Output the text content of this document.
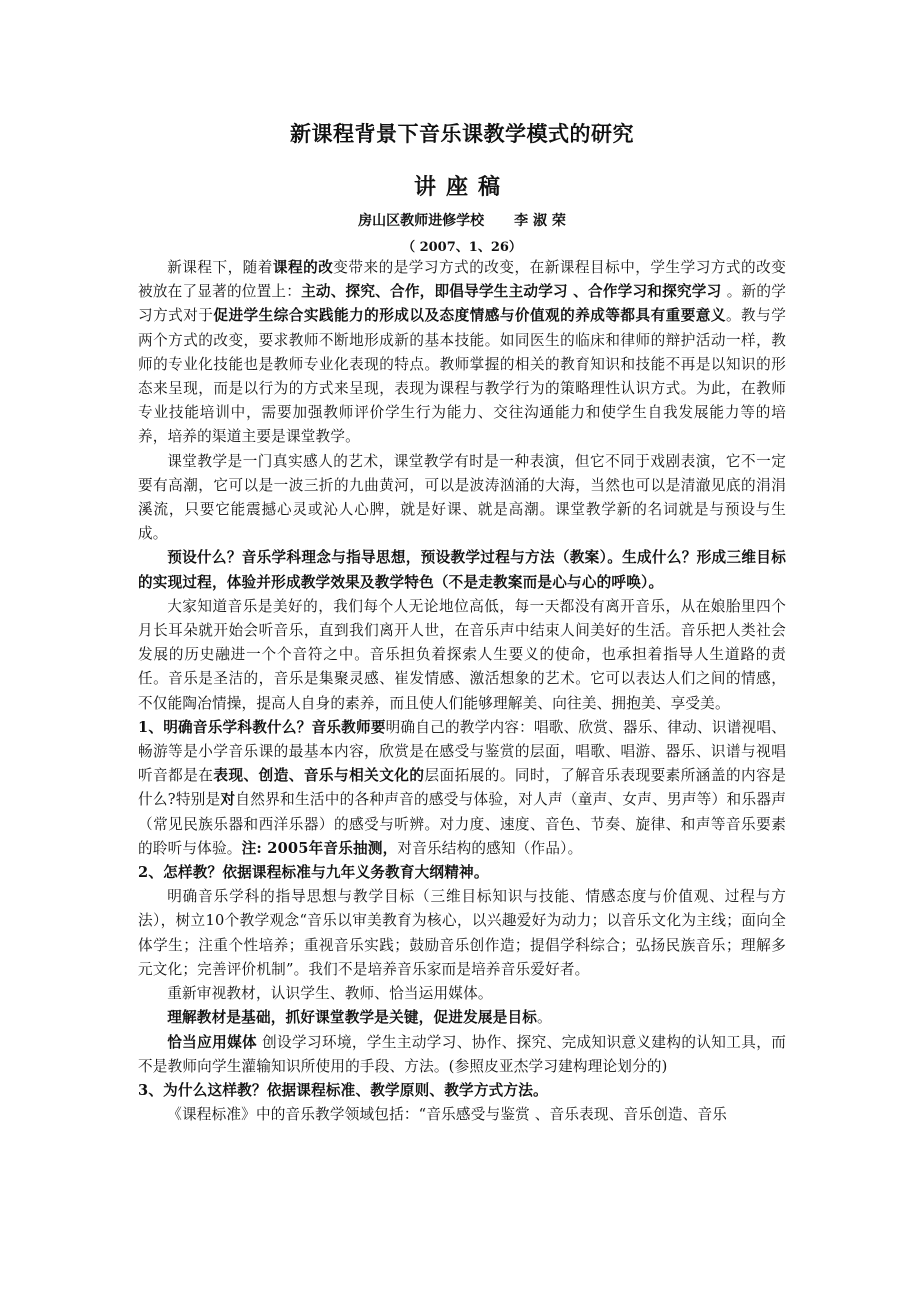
新课程背景下音乐课教学模式的研究
讲座稿
房山区教师进修学校 李 淑 荣
（ 2007、1、26）

新课程下，随着课程的改变带来的是学习方式的改变，在新课程目标中，学生学习方式的改变被放在了显著的位置上：主动、探究、合作，即倡导学生主动学习 、合作学习和探究学习 。新的学习方式对于促进学生综合实践能力的形成以及态度情感与价值观的养成等都具有重要意义。教与学两个方式的改变，要求教师不断地形成新的基本技能。如同医生的临床和律师的辩护活动一样，教师的专业化技能也是教师专业化表现的特点。教师掌握的相关的教育知识和技能不再是以知识的形态来呈现，而是以行为的方式来呈现，表现为课程与教学行为的策略理性认识方式。为此，在教师专业技能培训中，需要加强教师评价学生行为能力、交往沟通能力和使学生自我发展能力等的培养，培养的渠道主要是课堂教学。

课堂教学是一门真实感人的艺术，课堂教学有时是一种表演，但它不同于戏剧表演，它不一定要有高潮，它可以是一波三折的九曲黄河，可以是波涛汹涌的大海，当然也可以是清澈见底的涓涓溪流，只要它能震撼心灵或沁人心脾，就是好课、就是高潮。课堂教学新的名词就是与预设与生成。

预设什么？音乐学科理念与指导思想，预设教学过程与方法（教案）。生成什么？形成三维目标的实现过程，体验并形成教学效果及教学特色（不是走教案而是心与心的呼唤）。

大家知道音乐是美好的，我们每个人无论地位高低，每一天都没有离开音乐，从在娘胎里四个月长耳朵就开始会听音乐，直到我们离开人世，在音乐声中结束人间美好的生活。音乐把人类社会发展的历史融进一个个音符之中。音乐担负着探索人生要义的使命，也承担着指导人生道路的责任。音乐是圣洁的，音乐是集聚灵感、崔发情感、激活想象的艺术。它可以表达人们之间的情感，不仅能陶冶情操，提高人自身的素养，而且使人们能够理解美、向往美、拥抱美、享受美。

1、明确音乐学科教什么？音乐教师要明确自己的教学内容：唱歌、欣赏、器乐、律动、识谱视唱、畅游等是小学音乐课的最基本内容，欣赏是在感受与鉴赏的层面，唱歌、唱游、器乐、识谱与视唱听音都是在表现、创造、音乐与相关文化的层面拓展的。同时，了解音乐表现要素所涵盖的内容是什么?特别是对自然界和生活中的各种声音的感受与体验，对人声（童声、女声、男声等）和乐器声（常见民族乐器和西洋乐器）的感受与听辨。对力度、速度、音色、节奏、旋律、和声等音乐要素的聆听与体验。注: 2005年音乐抽测，对音乐结构的感知（作品）。

2、怎样教？依据课程标准与九年义务教育大纲精神。

明确音乐学科的指导思想与教学目标（三维目标知识与技能、情感态度与价值观、过程与方法），树立10个教学观念“音乐以审美教育为核心，以兴趣爱好为动力；以音乐文化为主线；面向全体学生；注重个性培养；重视音乐实践；鼓励音乐创作造；提倡学科综合；弘扬民族音乐；理解多元文化；完善评价机制”。我们不是培养音乐家而是培养音乐爱好者。

重新审视教材，认识学生、教师、恰当运用媒体。

理解教材是基础，抓好课堂教学是关键，促进发展是目标。

恰当应用媒体 创设学习环境，学生主动学习、协作、探究、完成知识意义建构的认知工具，而不是教师向学生灌输知识所使用的手段、方法。(参照皮亚杰学习建构理论划分的)

3、为什么这样教？依据课程标准、教学原则、教学方式方法。

《课程标准》中的音乐教学领域包括：“音乐感受与鉴赏 、音乐表现、音乐创造、音乐
